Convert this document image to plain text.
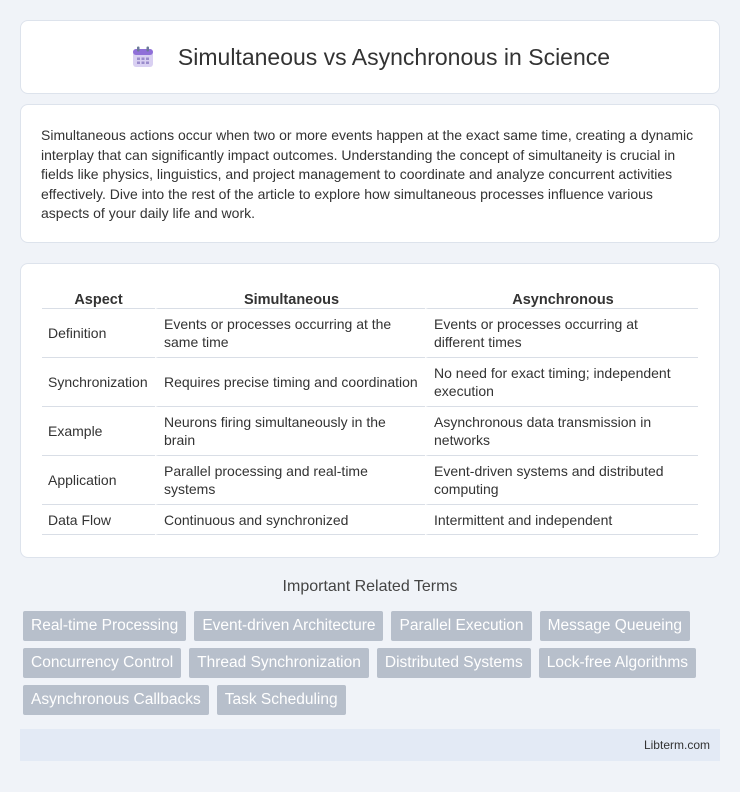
Simultaneous vs Asynchronous in Science

Simultaneous actions occur when two or more events happen at the exact same time, creating a dynamic interplay that can significantly impact outcomes. Understanding the concept of simultaneity is crucial in fields like physics, linguistics, and project management to coordinate and analyze concurrent activities effectively. Dive into the rest of the article to explore how simultaneous processes influence various aspects of your daily life and work.

Aspect	Simultaneous	Asynchronous
Definition	Events or processes occurring at the same time	Events or processes occurring at different times
Synchronization	Requires precise timing and coordination	No need for exact timing; independent execution
Example	Neurons firing simultaneously in the brain	Asynchronous data transmission in networks
Application	Parallel processing and real-time systems	Event-driven systems and distributed computing
Data Flow	Continuous and synchronized	Intermittent and independent
Important Related Terms
Real-time Processing	Event-driven Architecture	Parallel Execution	Message Queueing
Concurrency Control	Thread Synchronization	Distributed Systems	Lock-free Algorithms
Asynchronous Callbacks	Task Scheduling
Libterm.com
